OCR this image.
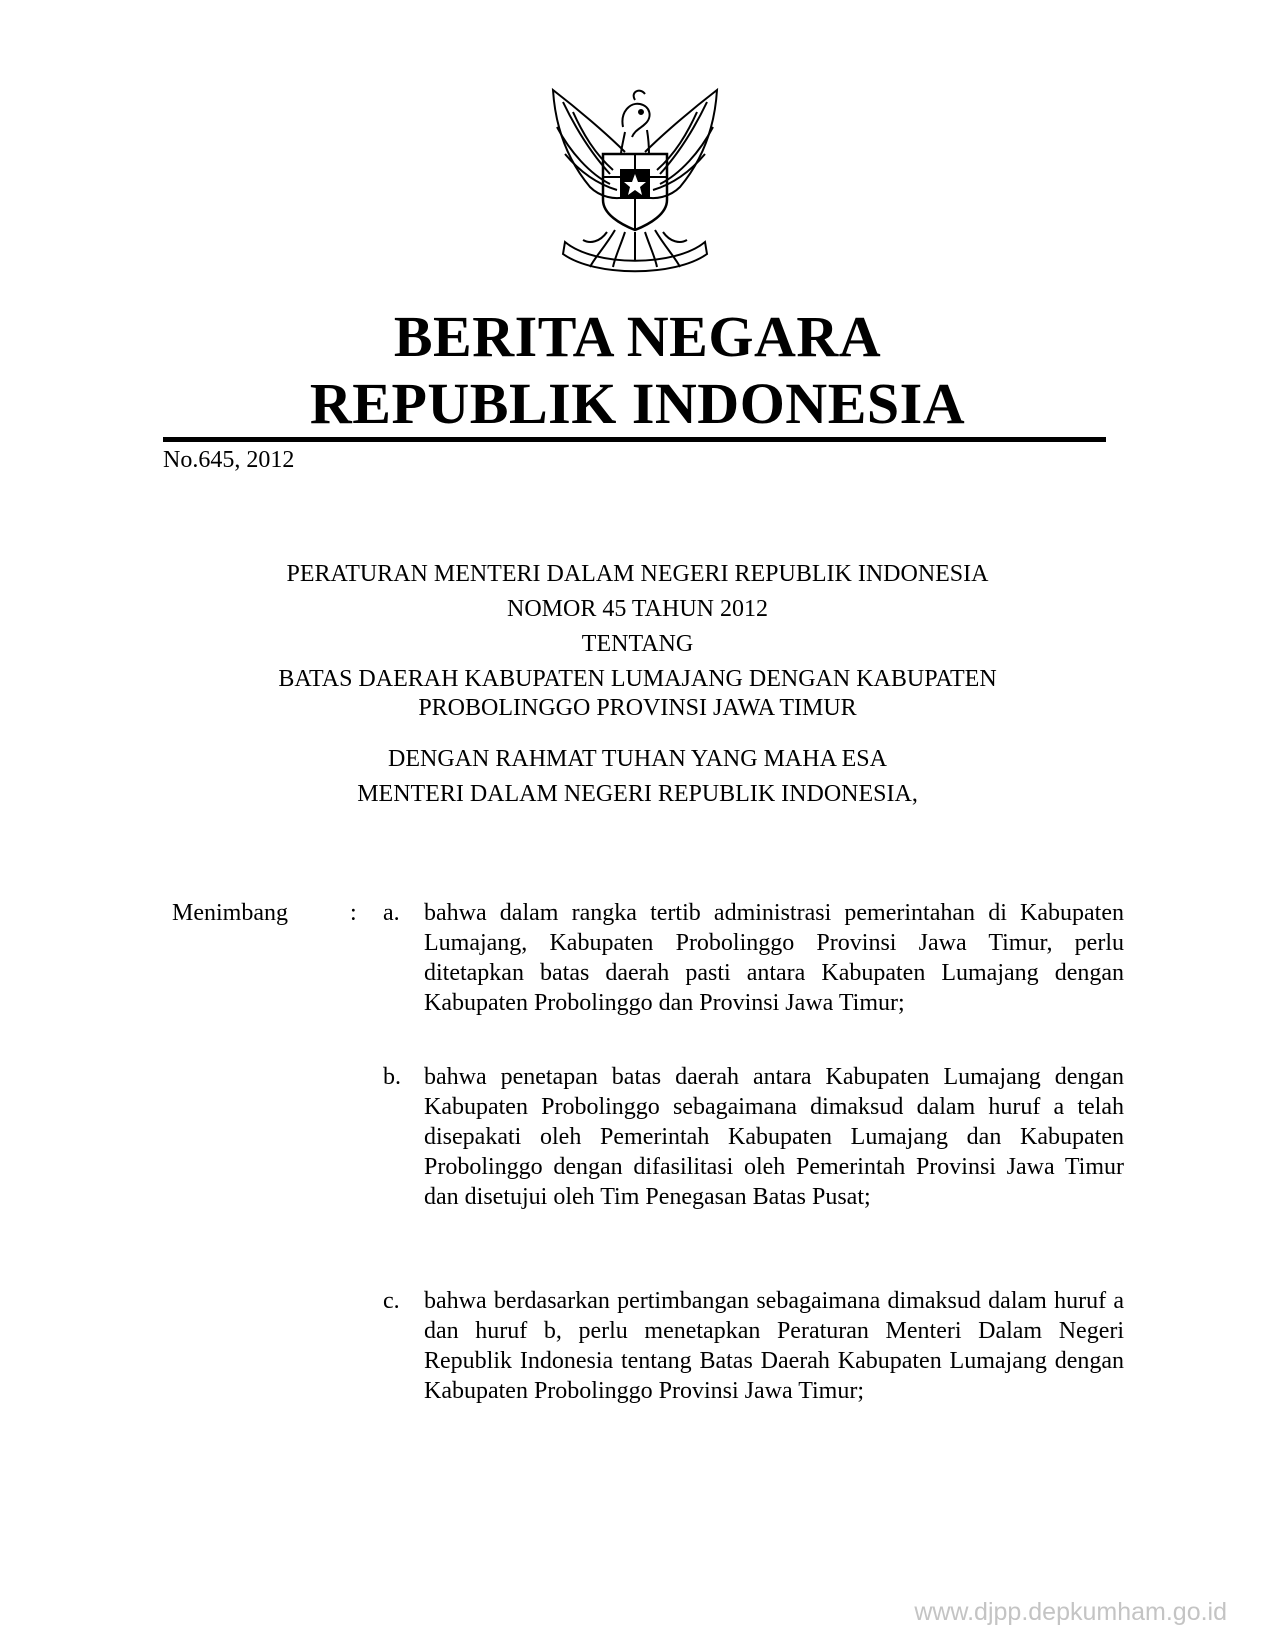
BERITA NEGARA
REPUBLIK INDONESIA
No.645, 2012
PERATURAN MENTERI DALAM NEGERI REPUBLIK INDONESIA
NOMOR 45 TAHUN 2012
TENTANG
BATAS DAERAH KABUPATEN LUMAJANG DENGAN KABUPATEN
PROBOLINGGO PROVINSI JAWA TIMUR
DENGAN RAHMAT TUHAN YANG MAHA ESA
MENTERI DALAM NEGERI REPUBLIK INDONESIA,
Menimbang	: a. bahwa dalam rangka tertib administrasi pemerintahan di Kabupaten Lumajang, Kabupaten Probolinggo Provinsi Jawa Timur, perlu ditetapkan batas daerah pasti antara Kabupaten Lumajang dengan Kabupaten Probolinggo dan Provinsi Jawa Timur;
b. bahwa penetapan batas daerah antara Kabupaten Lumajang dengan Kabupaten Probolinggo sebagaimana dimaksud dalam huruf a telah disepakati oleh Pemerintah Kabupaten Lumajang dan Kabupaten Probolinggo dengan difasilitasi oleh Pemerintah Provinsi Jawa Timur dan disetujui oleh Tim Penegasan Batas Pusat;
c. bahwa berdasarkan pertimbangan sebagaimana dimaksud dalam huruf a dan huruf b, perlu menetapkan Peraturan Menteri Dalam Negeri Republik Indonesia tentang Batas Daerah Kabupaten Lumajang dengan Kabupaten Probolinggo Provinsi Jawa Timur;
www.djpp.depkumham.go.id
